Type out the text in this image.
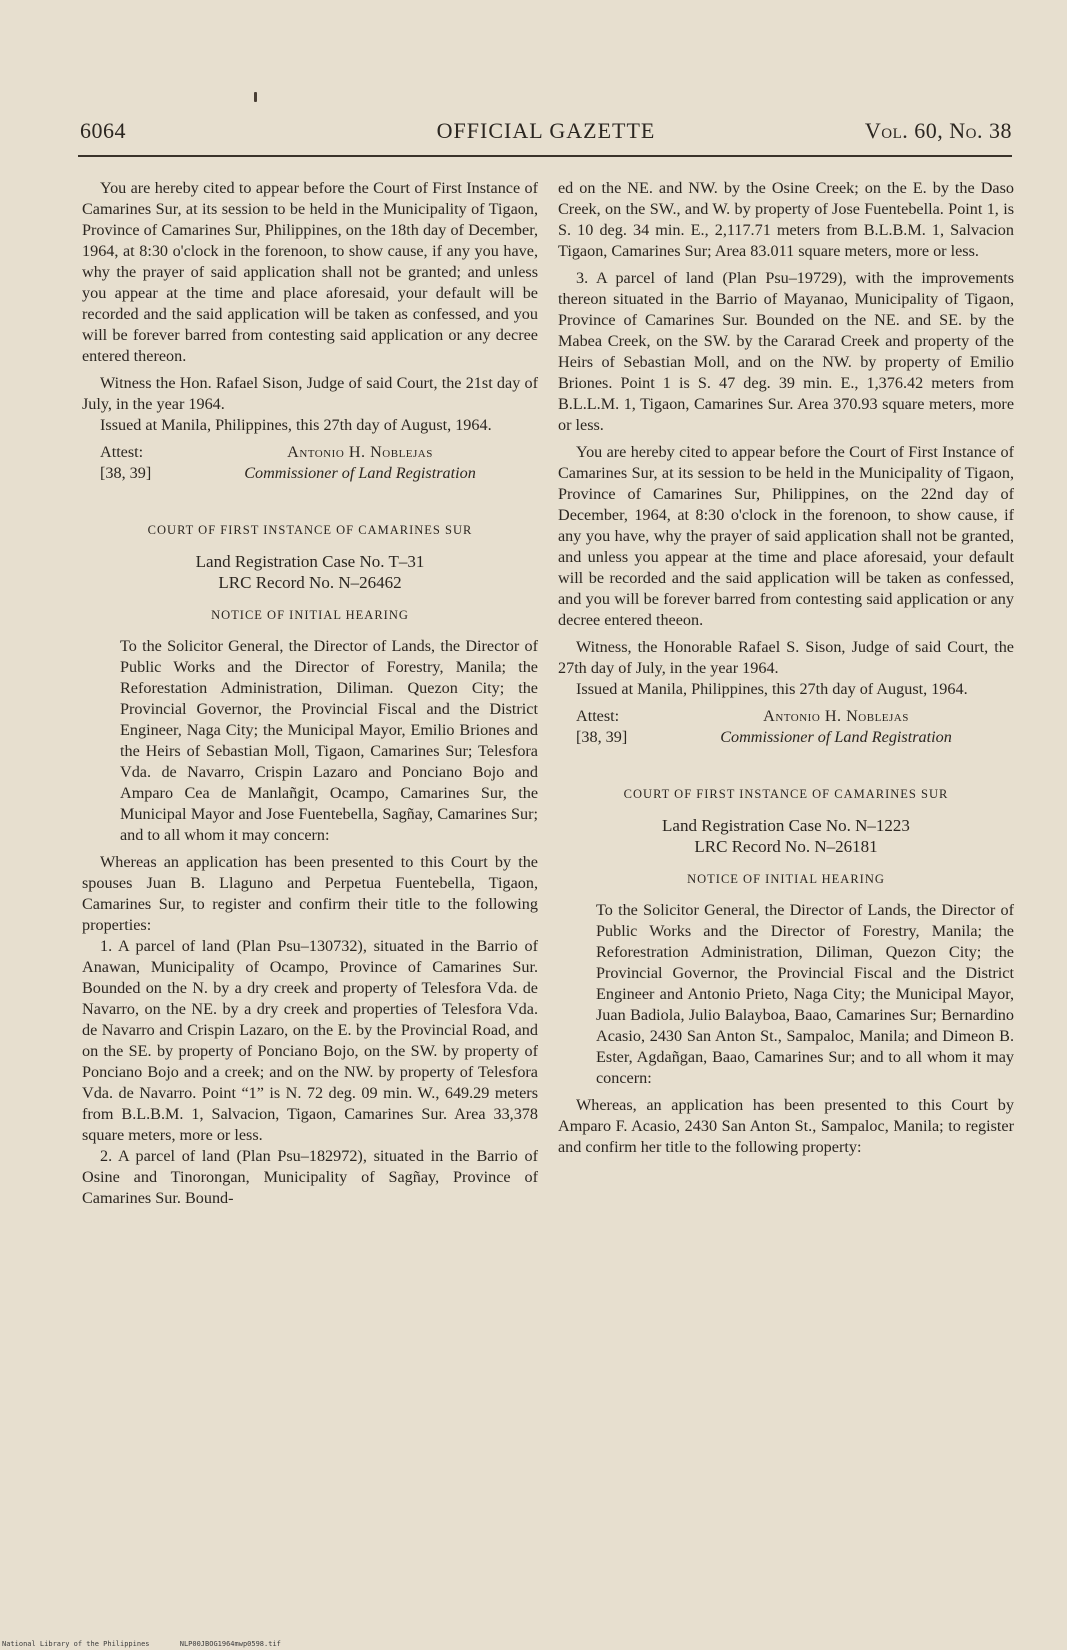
OFFICIAL GAZETTE
6064	Vol. 60, No. 38

You are hereby cited to appear before the Court of First Instance of Camarines Sur, at its session to be held in the Municipality of Tigaon, Province of Camarines Sur, Philippines, on the 18th day of December, 1964, at 8:30 o'clock in the forenoon, to show cause, if any you have, why the prayer of said application shall not be granted; and unless you appear at the time and place aforesaid, your default will be recorded and the said application will be taken as confessed, and you will be forever barred from contesting said application or any decree entered thereon.

Witness the Hon. Rafael Sison, Judge of said Court, the 21st day of July, in the year 1964.

Issued at Manila, Philippines, this 27th day of August, 1964.

Attest:	Antonio H. Noblejas
[38, 39]	Commissioner of Land Registration
COURT OF FIRST INSTANCE OF CAMARINES SUR
Land Registration Case No. T–31
LRC Record No. N–26462
NOTICE OF INITIAL HEARING

To the Solicitor General, the Director of Lands, the Director of Public Works and the Director of Forestry, Manila; the Reforestation Administration, Diliman. Quezon City; the Provincial Governor, the Provincial Fiscal and the District Engineer, Naga City; the Municipal Mayor, Emilio Briones and the Heirs of Sebastian Moll, Tigaon, Camarines Sur; Telesfora Vda. de Navarro, Crispin Lazaro and Ponciano Bojo and Amparo Cea de Manlañgit, Ocampo, Camarines Sur, the Municipal Mayor and Jose Fuentebella, Sagñay, Camarines Sur; and to all whom it may concern:

Whereas an application has been presented to this Court by the spouses Juan B. Llaguno and Perpetua Fuentebella, Tigaon, Camarines Sur, to register and confirm their title to the following properties:

1. A parcel of land (Plan Psu–130732), situated in the Barrio of Anawan, Municipality of Ocampo, Province of Camarines Sur. Bounded on the N. by a dry creek and property of Telesfora Vda. de Navarro, on the NE. by a dry creek and properties of Telesfora Vda. de Navarro and Crispin Lazaro, on the E. by the Provincial Road, and on the SE. by property of Ponciano Bojo, on the SW. by property of Ponciano Bojo and a creek; and on the NW. by property of Telesfora Vda. de Navarro. Point “1” is N. 72 deg. 09 min. W., 649.29 meters from B.L.B.M. 1, Salvacion, Tigaon, Camarines Sur. Area 33,378 square meters, more or less.

2. A parcel of land (Plan Psu–182972), situated in the Barrio of Osine and Tinorongan, Municipality of Sagñay, Province of Camarines Sur. Bound-

ed on the NE. and NW. by the Osine Creek; on the E. by the Daso Creek, on the SW., and W. by property of Jose Fuentebella. Point 1, is S. 10 deg. 34 min. E., 2,117.71 meters from B.L.B.M. 1, Salvacion Tigaon, Camarines Sur; Area 83.011 square meters, more or less.

3. A parcel of land (Plan Psu–19729), with the improvements thereon situated in the Barrio of Mayanao, Municipality of Tigaon, Province of Camarines Sur. Bounded on the NE. and SE. by the Mabea Creek, on the SW. by the Cararad Creek and property of the Heirs of Sebastian Moll, and on the NW. by property of Emilio Briones. Point 1 is S. 47 deg. 39 min. E., 1,376.42 meters from B.L.L.M. 1, Tigaon, Camarines Sur. Area 370.93 square meters, more or less.

You are hereby cited to appear before the Court of First Instance of Camarines Sur, at its session to be held in the Municipality of Tigaon, Province of Camarines Sur, Philippines, on the 22nd day of December, 1964, at 8:30 o'clock in the forenoon, to show cause, if any you have, why the prayer of said application shall not be granted, and unless you appear at the time and place aforesaid, your default will be recorded and the said application will be taken as confessed, and you will be forever barred from contesting said application or any decree entered theeon.

Witness, the Honorable Rafael S. Sison, Judge of said Court, the 27th day of July, in the year 1964.

Issued at Manila, Philippines, this 27th day of August, 1964.

Attest:	Antonio H. Noblejas
[38, 39]	Commissioner of Land Registration
COURT OF FIRST INSTANCE OF CAMARINES SUR
Land Registration Case No. N–1223
LRC Record No. N–26181
NOTICE OF INITIAL HEARING

To the Solicitor General, the Director of Lands, the Director of Public Works and the Director of Forestry, Manila; the Reforestration Administration, Diliman, Quezon City; the Provincial Governor, the Provincial Fiscal and the District Engineer and Antonio Prieto, Naga City; the Municipal Mayor, Juan Badiola, Julio Balayboa, Baao, Camarines Sur; Bernardino Acasio, 2430 San Anton St., Sampaloc, Manila; and Dimeon B. Ester, Agdañgan, Baao, Camarines Sur; and to all whom it may concern:

Whereas, an application has been presented to this Court by Amparo F. Acasio, 2430 San Anton St., Sampaloc, Manila; to register and confirm her title to the following property:

National Library of the Philippines	NLP00JBOG1964mwp0598.tif
